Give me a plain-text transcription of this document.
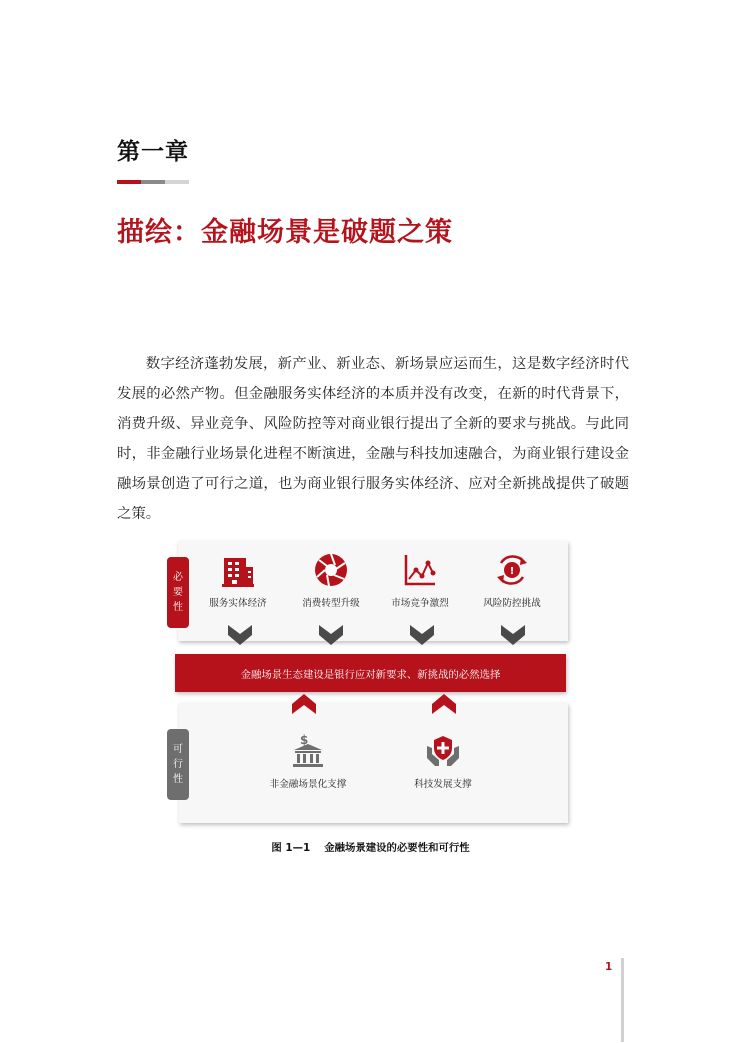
第一章
描绘：金融场景是破题之策
数字经济蓬勃发展，新产业、新业态、新场景应运而生，这是数字经济时代发展的必然产物。但金融服务实体经济的本质并没有改变，在新的时代背景下，消费升级、异业竞争、风险防控等对商业银行提出了全新的要求与挑战。与此同时，非金融行业场景化进程不断演进，金融与科技加速融合，为商业银行建设金融场景创造了可行之道，也为商业银行服务实体经济、应对全新挑战提供了破题之策。
必
要
性	服务实体经济	消费转型升级	市场竞争激烈
!
风险防控挑战
金融场景生态建设是银行应对新要求、新挑战的必然选择
可
行
性
$
非金融场景化支撑	科技发展支撑
图 1—1 金融场景建设的必要性和可行性
1
